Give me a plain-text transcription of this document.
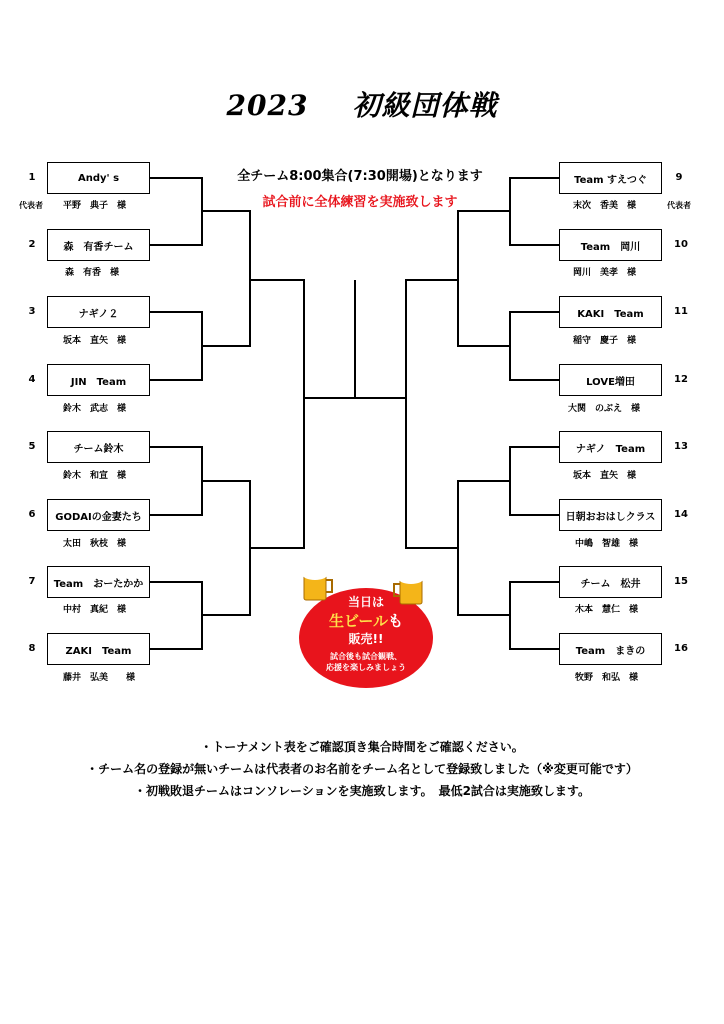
2023 初級団体戦
全チーム8:00集合(7:30開場)となります
試合前に全体練習を実施致します
1	Andy' s
代表者 平野　典子　様
2	森　有香チーム
森　有香　様
3	ナギノ２
坂本　直矢　様
4	JIN　Team
鈴木　武志　様
5	チーム鈴木
鈴木　和宣　様
6	GODAIの金妻たち
太田　秋枝　様
7	Team　おーたかか
中村　真紀　様
8	ZAKI　Team
藤井　弘美　　様
Team すえつぐ	9
末次　香美　様	代表者
Team　岡川	10
岡川　美孝　様
KAKI　Team	11
稲守　慶子　様
LOVE増田	12
大関　のぶえ　様
ナギノ　Team	13
坂本　直矢　様
日朝おおはしクラス	14
中嶋　智雄　様
チーム　松井	15
木本　慧仁　様
Team　まきの	16
牧野　和弘　様
当日は
生ビールも
販売!!
試合後も試合観戦、
応援を楽しみましょう
・トーナメント表をご確認頂き集合時間をご確認ください。
・チーム名の登録が無いチームは代表者のお名前をチーム名として登録致しました（※変更可能です）
・初戦敗退チームはコンソレーションを実施致します。　最低2試合は実施致します。
